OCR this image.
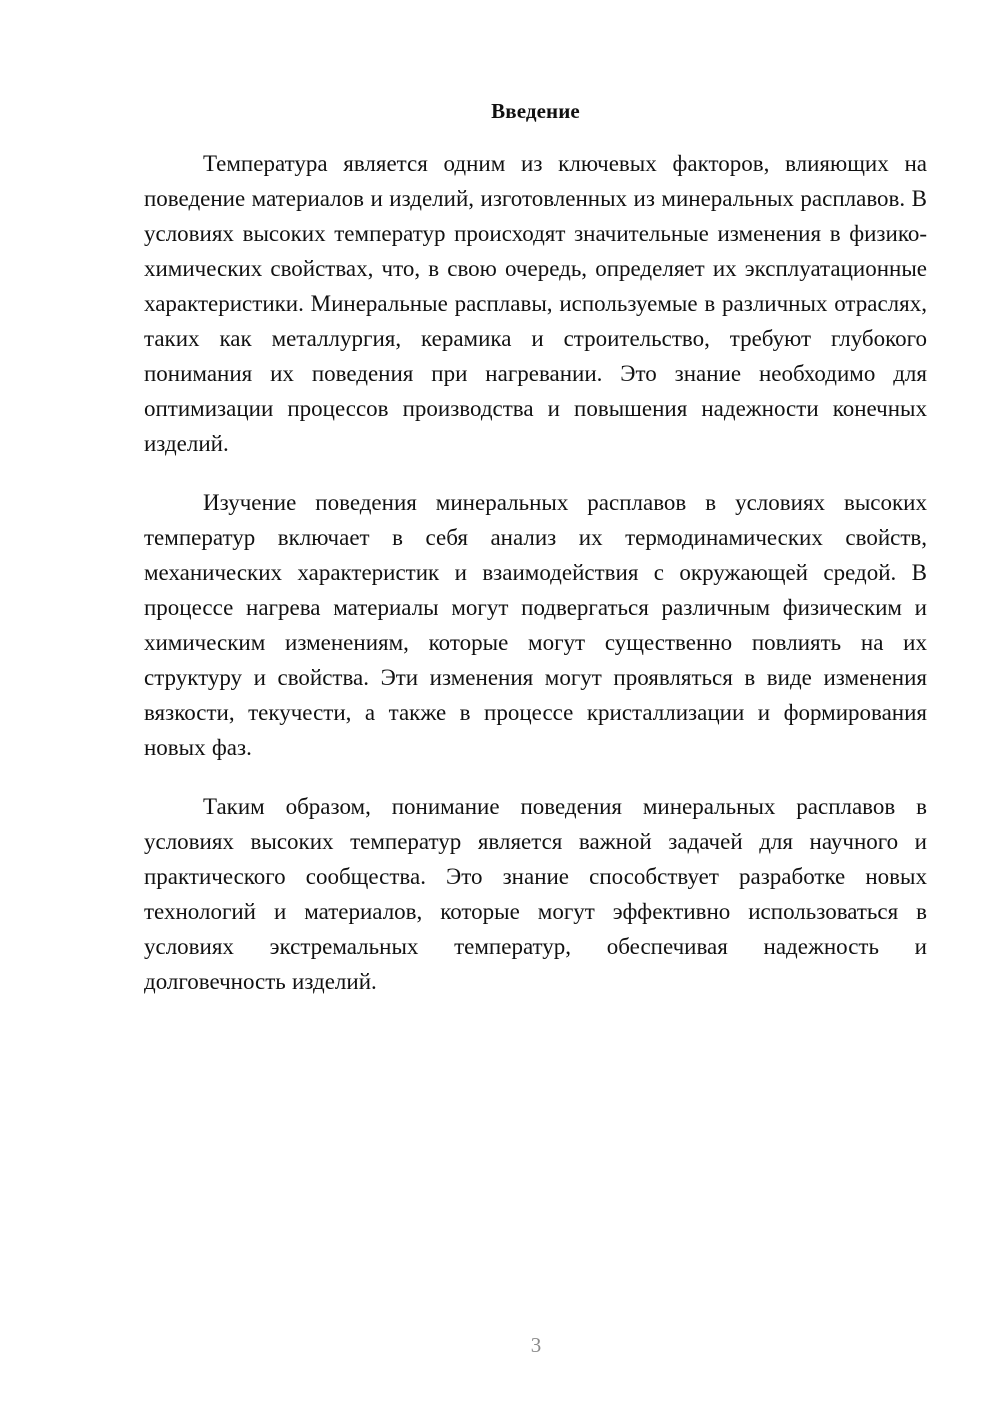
Введение

Температура является одним из ключевых факторов, влияющих на поведение материалов и изделий, изготовленных из минеральных расплавов. В условиях высоких температур происходят значительные изменения в физико-химических свойствах, что, в свою очередь, определяет их эксплуатационные характеристики. Минеральные расплавы, используемые в различных отраслях, таких как металлургия, керамика и строительство, требуют глубокого понимания их поведения при нагревании. Это знание необходимо для оптимизации процессов производства и повышения надежности конечных изделий.

Изучение поведения минеральных расплавов в условиях высоких температур включает в себя анализ их термодинамических свойств, механических характеристик и взаимодействия с окружающей средой. В процессе нагрева материалы могут подвергаться различным физическим и химическим изменениям, которые могут существенно повлиять на их структуру и свойства. Эти изменения могут проявляться в виде изменения вязкости, текучести, а также в процессе кристаллизации и формирования новых фаз.

Таким образом, понимание поведения минеральных расплавов в условиях высоких температур является важной задачей для научного и практического сообщества. Это знание способствует разработке новых технологий и материалов, которые могут эффективно использоваться в условиях экстремальных температур, обеспечивая надежность и долговечность изделий.

3
